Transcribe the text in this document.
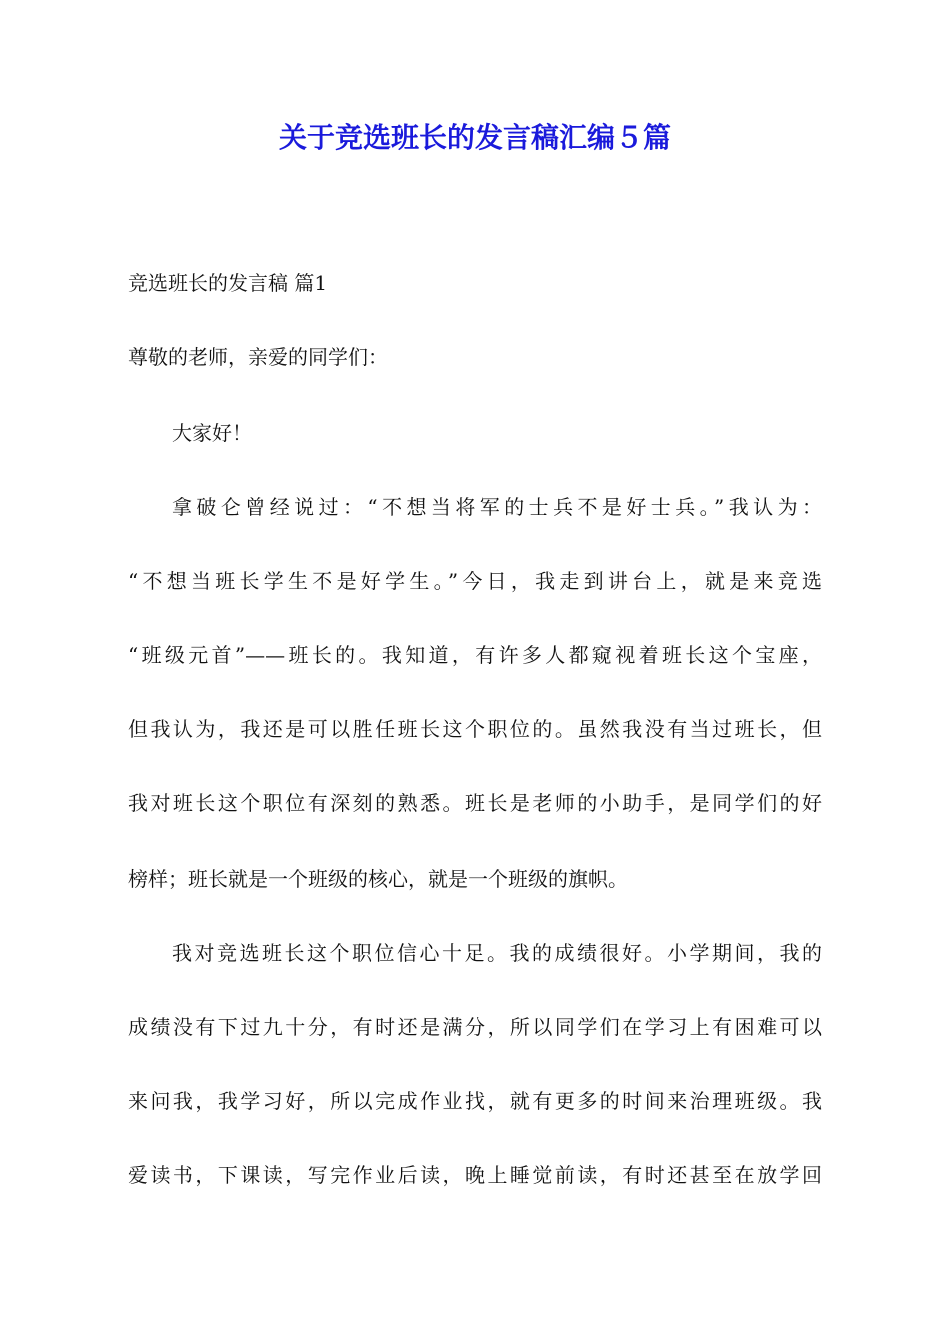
关于竞选班长的发言稿汇编５篇

竞选班长的发言稿 篇1

尊敬的老师，亲爱的同学们：

大家好！

拿破仑曾经说过：“不想当将军的士兵不是好士兵。”我认为：

“不想当班长学生不是好学生。”今日，我走到讲台上，就是来竞选

“班级元首”——班长的。我知道，有许多人都窥视着班长这个宝座，

但我认为，我还是可以胜任班长这个职位的。虽然我没有当过班长，但

我对班长这个职位有深刻的熟悉。班长是老师的小助手，是同学们的好

榜样；班长就是一个班级的核心，就是一个班级的旗帜。

我对竞选班长这个职位信心十足。我的成绩很好。小学期间，我的

成绩没有下过九十分，有时还是满分，所以同学们在学习上有困难可以

来问我，我学习好，所以完成作业找，就有更多的时间来治理班级。我

爱读书，下课读，写完作业后读，晚上睡觉前读，有时还甚至在放学回
